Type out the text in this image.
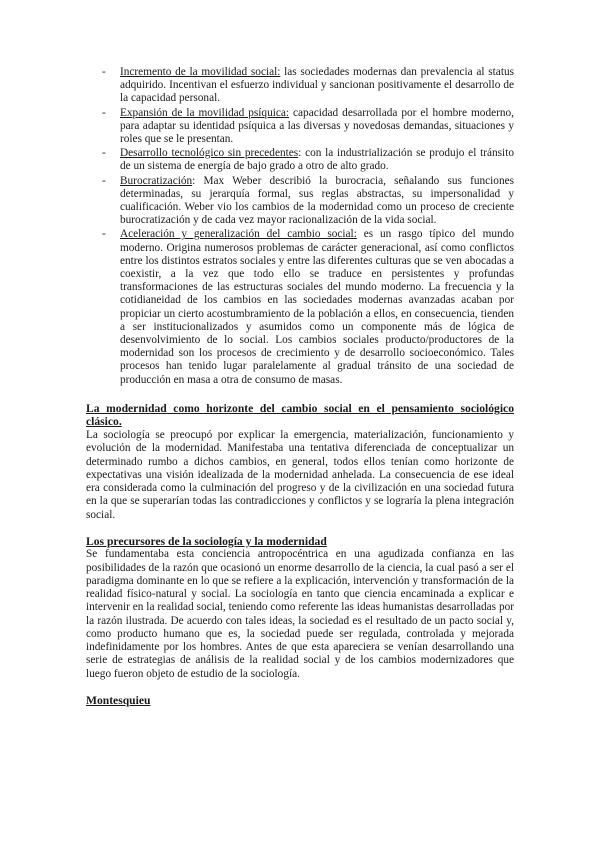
- Incremento de la movilidad social: las sociedades modernas dan prevalencia al status adquirido. Incentivan el esfuerzo individual y sancionan positivamente el desarrollo de la capacidad personal.
- Expansión de la movilidad psíquica: capacidad desarrollada por el hombre moderno, para adaptar su identidad psíquica a las diversas y novedosas demandas, situaciones y roles que se le presentan.
- Desarrollo tecnológico sin precedentes: con la industrialización se produjo el tránsito de un sistema de energía de bajo grado a otro de alto grado.
- Burocratización: Max Weber describió la burocracia, señalando sus funciones determinadas, su jerarquía formal, sus reglas abstractas, su impersonalidad y cualificación. Weber vio los cambios de la modernidad como un proceso de creciente burocratización y de cada vez mayor racionalización de la vida social.
- Aceleración y generalización del cambio social: es un rasgo típico del mundo moderno. Origina numerosos problemas de carácter generacional, así como conflictos entre los distintos estratos sociales y entre las diferentes culturas que se ven abocadas a coexistir, a la vez que todo ello se traduce en persistentes y profundas transformaciones de las estructuras sociales del mundo moderno. La frecuencia y la cotidianeidad de los cambios en las sociedades modernas avanzadas acaban por propiciar un cierto acostumbramiento de la población a ellos, en consecuencia, tienden a ser institucionalizados y asumidos como un componente más de lógica de desenvolvimiento de lo social. Los cambios sociales producto/productores de la modernidad son los procesos de crecimiento y de desarrollo socioeconómico. Tales procesos han tenido lugar paralelamente al gradual tránsito de una sociedad de producción en masa a otra de consumo de masas.
La modernidad como horizonte del cambio social en el pensamiento sociológico clásico.

La sociología se preocupó por explicar la emergencia, materialización, funcionamiento y evolución de la modernidad. Manifestaba una tentativa diferenciada de conceptualizar un determinado rumbo a dichos cambios, en general, todos ellos tenían como horizonte de expectativas una visión idealizada de la modernidad anhelada. La consecuencia de ese ideal era considerada como la culminación del progreso y de la civilización en una sociedad futura en la que se superarían todas las contradicciones y conflictos y se lograría la plena integración social.

Los precursores de la sociología y la modernidad

Se fundamentaba esta conciencia antropocéntrica en una agudizada confianza en las posibilidades de la razón que ocasionó un enorme desarrollo de la ciencia, la cual pasó a ser el paradigma dominante en lo que se refiere a la explicación, intervención y transformación de la realidad físico-natural y social. La sociología en tanto que ciencia encaminada a explicar e intervenir en la realidad social, teniendo como referente las ideas humanistas desarrolladas por la razón ilustrada. De acuerdo con tales ideas, la sociedad es el resultado de un pacto social y, como producto humano que es, la sociedad puede ser regulada, controlada y mejorada indefinidamente por los hombres. Antes de que esta apareciera se venían desarrollando una serie de estrategias de análisis de la realidad social y de los cambios modernizadores que luego fueron objeto de estudio de la sociología.

Montesquieu
